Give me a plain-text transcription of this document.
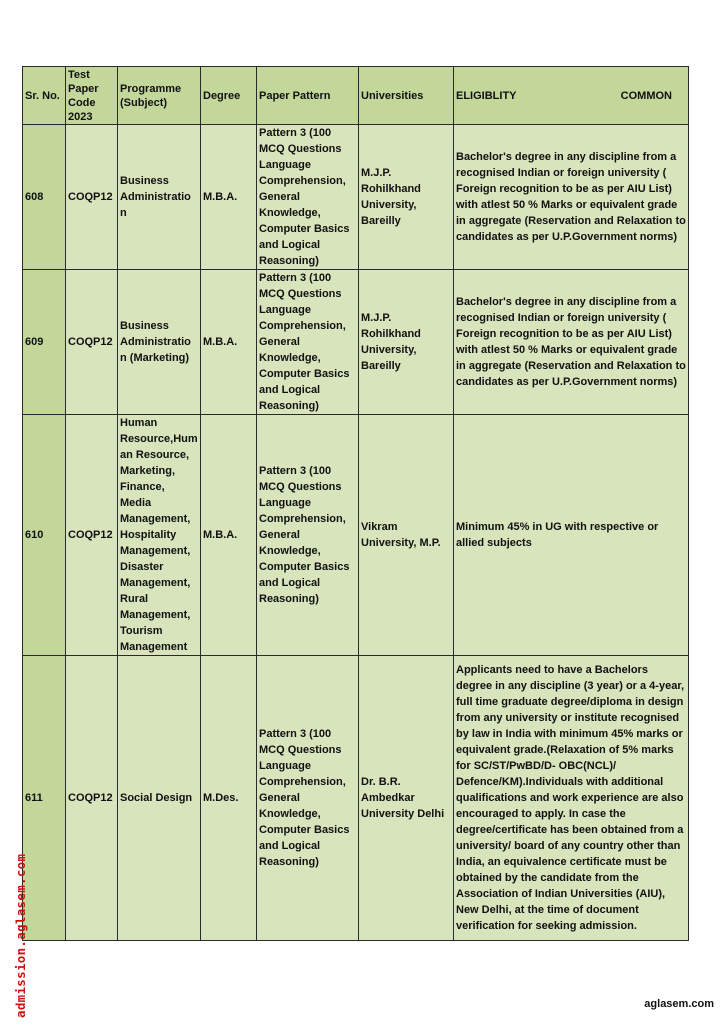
Sr. No.	Test Paper Code 2023	Programme (Subject)	Degree	Paper Pattern	Universities	ELIGIBLITY COMMON

608	COQP12	Business Administratio n	M.B.A.	Pattern 3 (100 MCQ Questions Language Comprehension, General Knowledge, Computer Basics and Logical Reasoning)	M.J.P. Rohilkhand University, Bareilly	Bachelor's degree in any discipline from a recognised Indian or foreign university ( Foreign recognition to be as per AIU List) with atlest 50 % Marks or equivalent grade in aggregate (Reservation and Relaxation to candidates as per U.P.Government norms)
609	COQP12	Business Administratio n (Marketing)	M.B.A.	Pattern 3 (100 MCQ Questions Language Comprehension, General Knowledge, Computer Basics and Logical Reasoning)	M.J.P. Rohilkhand University, Bareilly	Bachelor's degree in any discipline from a recognised Indian or foreign university ( Foreign recognition to be as per AIU List) with atlest 50 % Marks or equivalent grade in aggregate (Reservation and Relaxation to candidates as per U.P.Government norms)
610	COQP12	Human Resource,Hum an Resource, Marketing, Finance, Media Management, Hospitality Management, Disaster Management, Rural Management, Tourism Management	M.B.A.	Pattern 3 (100 MCQ Questions Language Comprehension, General Knowledge, Computer Basics and Logical Reasoning)	Vikram University, M.P.	Minimum 45% in UG with respective or allied subjects
611	COQP12	Social Design	M.Des.	Pattern 3 (100 MCQ Questions Language Comprehension, General Knowledge, Computer Basics and Logical Reasoning)	Dr. B.R. Ambedkar University Delhi	Applicants need to have a Bachelors degree in any discipline (3 year) or a 4-year, full time graduate degree/diploma in design from any university or institute recognised by law in India with minimum 45% marks or equivalent grade.(Relaxation of 5% marks for SC/ST/PwBD/D- OBC(NCL)/ Defence/KM).Individuals with additional qualifications and work experience are also encouraged to apply. In case the degree/certificate has been obtained from a university/ board of any country other than India, an equivalence certificate must be obtained by the candidate from the Association of Indian Universities (AIU), New Delhi, at the time of document verification for seeking admission.
admission.aglasem.com	aglasem.com
